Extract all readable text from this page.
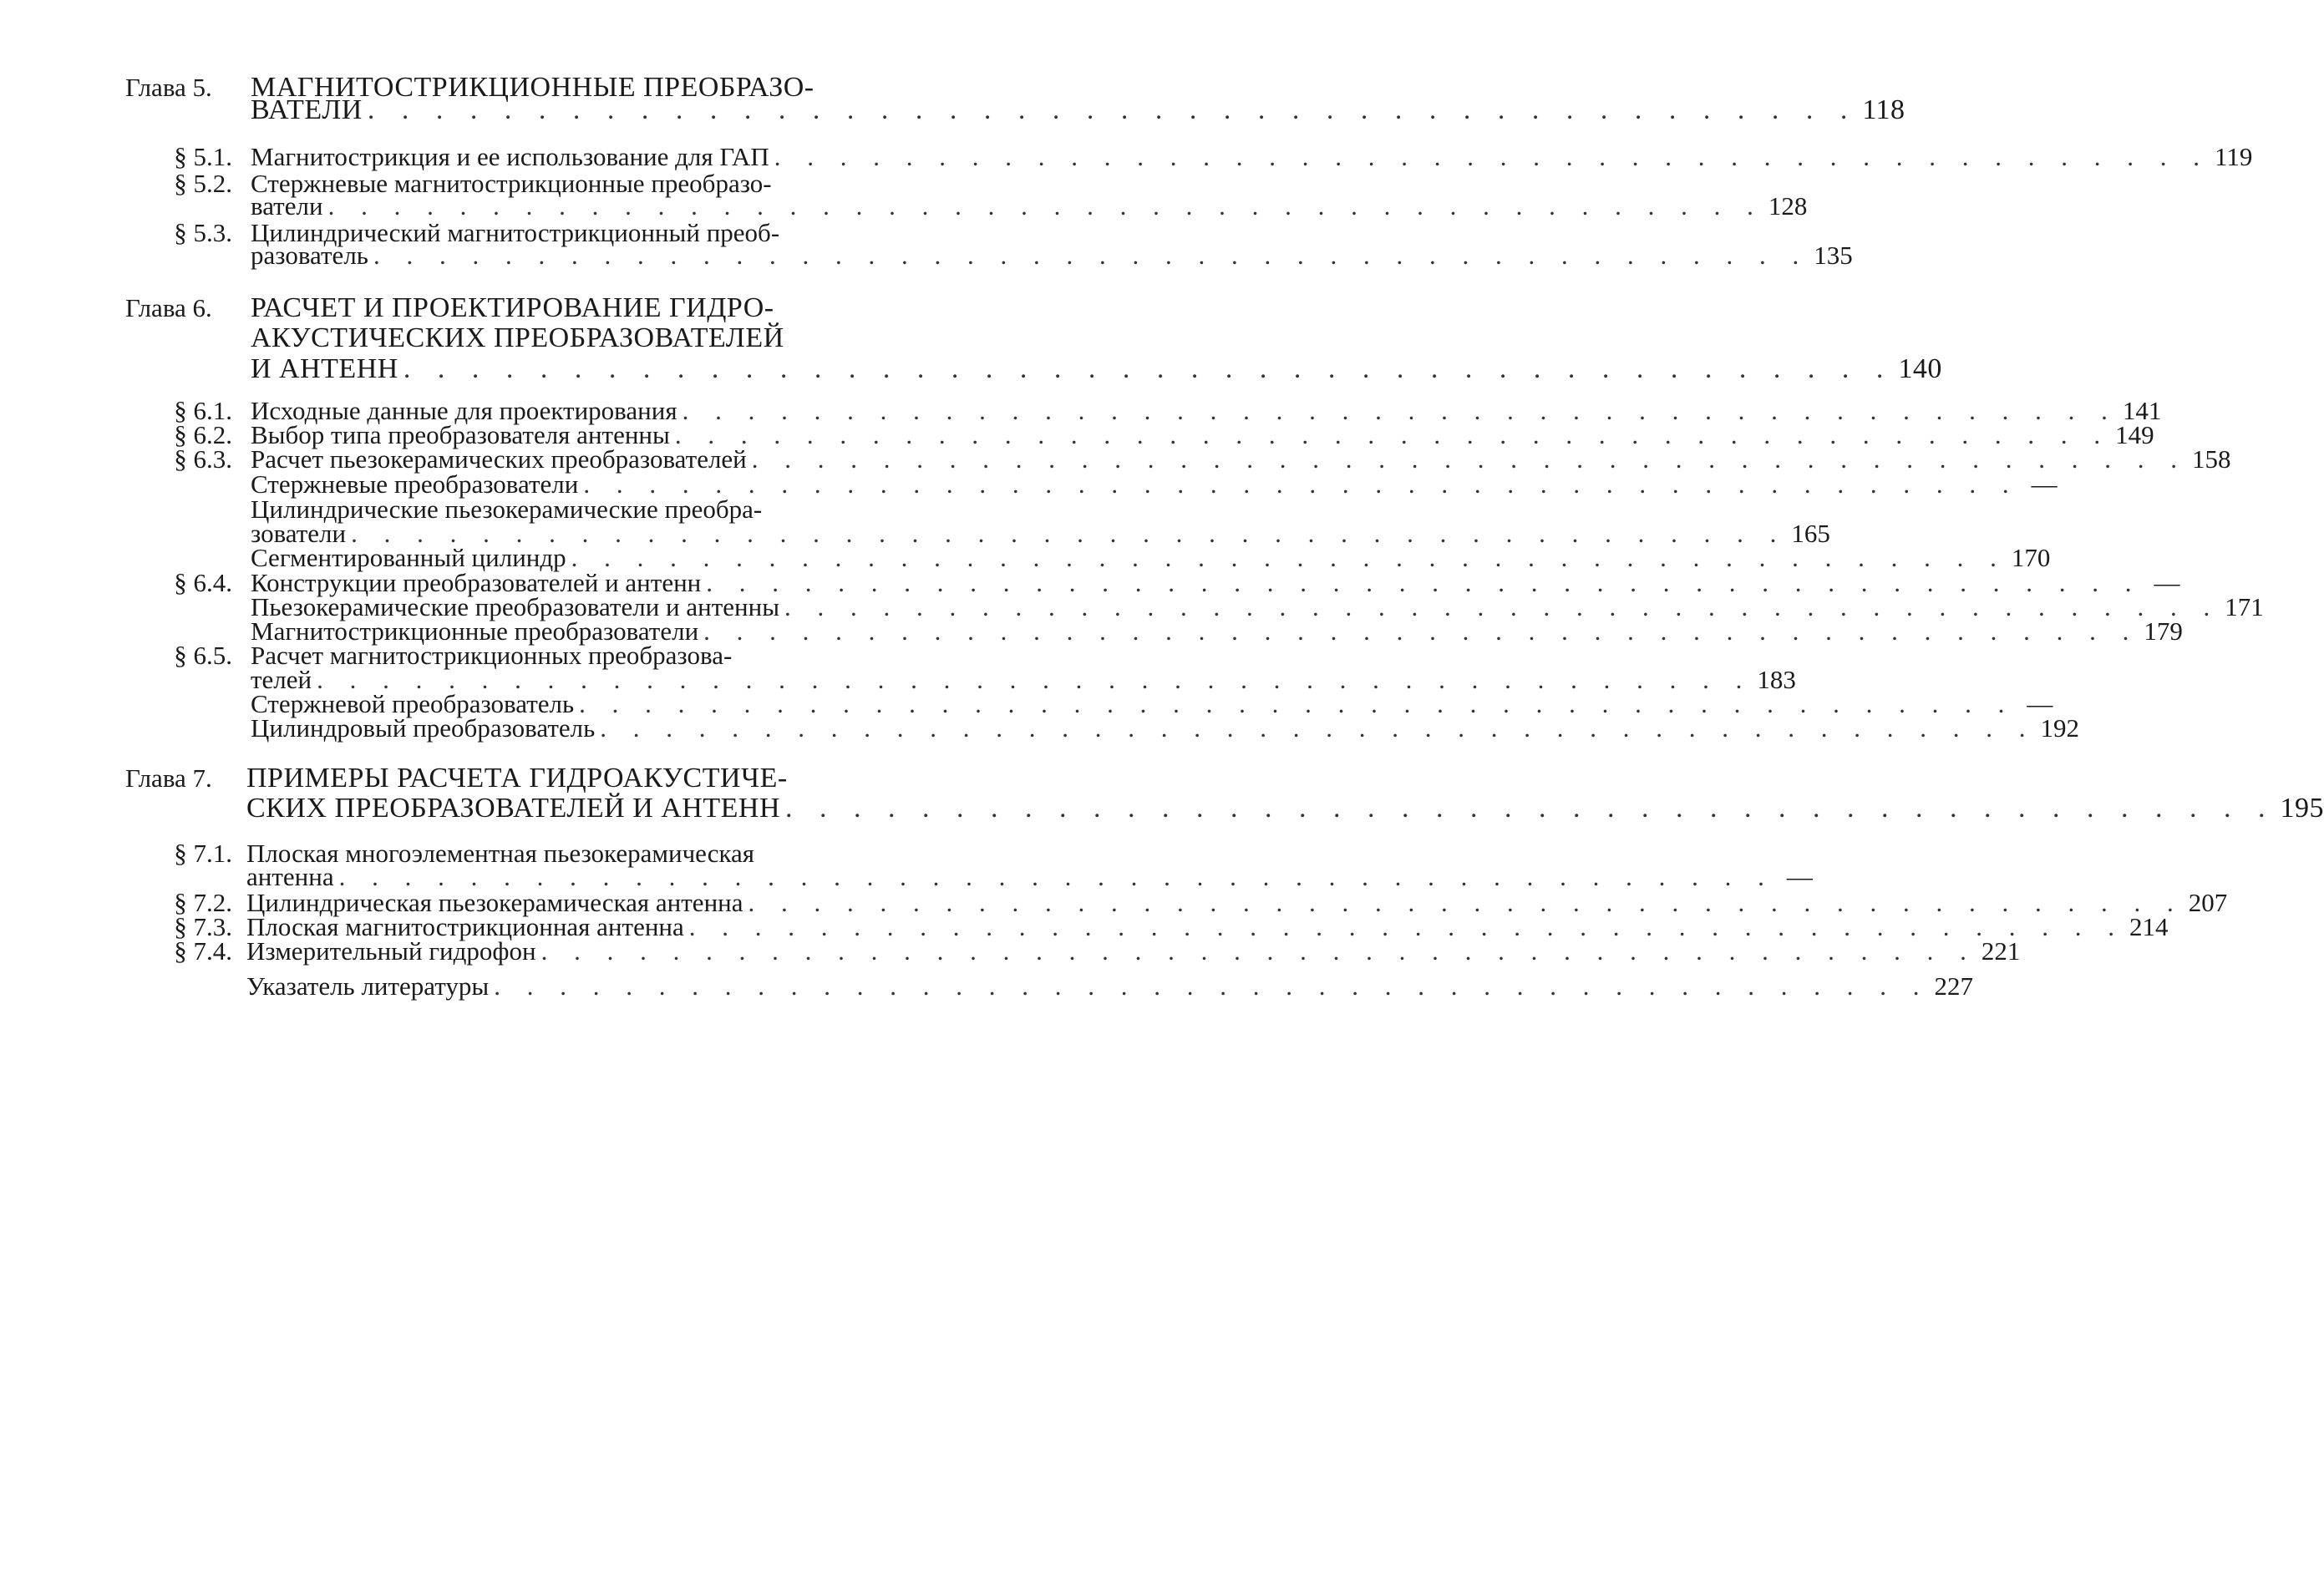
Глава 5. МАГНИТОСТРИКЦИОННЫЕ ПРЕОБРАЗО-
ВАТЕЛИ . . . . . . . . . . . . . . . . . . . . . . . . . . . . . . . . . . . . . . . . . . . . 118
§ 5.1. Магнитострикция и ее использование для ГАП . . . . . . . . . . . . . . . . . . . . . . . . . . . . . . . . . . . . . . . . . . . . 119
§ 5.2. Стержневые магнитострикционные преобразо-
ватели . . . . . . . . . . . . . . . . . . . . . . . . . . . . . . . . . . . . . . . . . . . . 128
§ 5.3. Цилиндрический магнитострикционный преоб-
разователь . . . . . . . . . . . . . . . . . . . . . . . . . . . . . . . . . . . . . . . . . . . . 135
Глава 6. РАСЧЕТ И ПРОЕКТИРОВАНИЕ ГИДРО-
АКУСТИЧЕСКИХ ПРЕОБРАЗОВАТЕЛЕЙ
И АНТЕНН . . . . . . . . . . . . . . . . . . . . . . . . . . . . . . . . . . . . . . . . . . . . 140
§ 6.1. Исходные данные для проектирования . . . . . . . . . . . . . . . . . . . . . . . . . . . . . . . . . . . . . . . . . . . . 141
§ 6.2. Выбор типа преобразователя антенны . . . . . . . . . . . . . . . . . . . . . . . . . . . . . . . . . . . . . . . . . . . . 149
§ 6.3. Расчет пьезокерамических преобразователей . . . . . . . . . . . . . . . . . . . . . . . . . . . . . . . . . . . . . . . . . . . . 158
Стержневые преобразователи . . . . . . . . . . . . . . . . . . . . . . . . . . . . . . . . . . . . . . . . . . . . —
Цилиндрические пьезокерамические преобра-
зователи . . . . . . . . . . . . . . . . . . . . . . . . . . . . . . . . . . . . . . . . . . . . 165
Сегментированный цилиндр . . . . . . . . . . . . . . . . . . . . . . . . . . . . . . . . . . . . . . . . . . . . 170
§ 6.4. Конструкции преобразователей и антенн . . . . . . . . . . . . . . . . . . . . . . . . . . . . . . . . . . . . . . . . . . . . —
Пьезокерамические преобразователи и антенны . . . . . . . . . . . . . . . . . . . . . . . . . . . . . . . . . . . . . . . . . . . . 171
Магнитострикционные преобразователи . . . . . . . . . . . . . . . . . . . . . . . . . . . . . . . . . . . . . . . . . . . . 179
§ 6.5. Расчет магнитострикционных преобразова-
телей . . . . . . . . . . . . . . . . . . . . . . . . . . . . . . . . . . . . . . . . . . . . 183
Стержневой преобразователь . . . . . . . . . . . . . . . . . . . . . . . . . . . . . . . . . . . . . . . . . . . . —
Цилиндровый преобразователь . . . . . . . . . . . . . . . . . . . . . . . . . . . . . . . . . . . . . . . . . . . . 192
Глава 7. ПРИМЕРЫ РАСЧЕТА ГИДРОАКУСТИЧЕ-
СКИХ ПРЕОБРАЗОВАТЕЛЕЙ И АНТЕНН . . . . . . . . . . . . . . . . . . . . . . . . . . . . . . . . . . . . . . . . . . . . 195
§ 7.1. Плоская многоэлементная пьезокерамическая
антенна . . . . . . . . . . . . . . . . . . . . . . . . . . . . . . . . . . . . . . . . . . . . —
§ 7.2. Цилиндрическая пьезокерамическая антенна . . . . . . . . . . . . . . . . . . . . . . . . . . . . . . . . . . . . . . . . . . . . 207
§ 7.3. Плоская магнитострикционная антенна . . . . . . . . . . . . . . . . . . . . . . . . . . . . . . . . . . . . . . . . . . . . 214
§ 7.4. Измерительный гидрофон . . . . . . . . . . . . . . . . . . . . . . . . . . . . . . . . . . . . . . . . . . . . 221
Указатель литературы . . . . . . . . . . . . . . . . . . . . . . . . . . . . . . . . . . . . . . . . . . . . 227
